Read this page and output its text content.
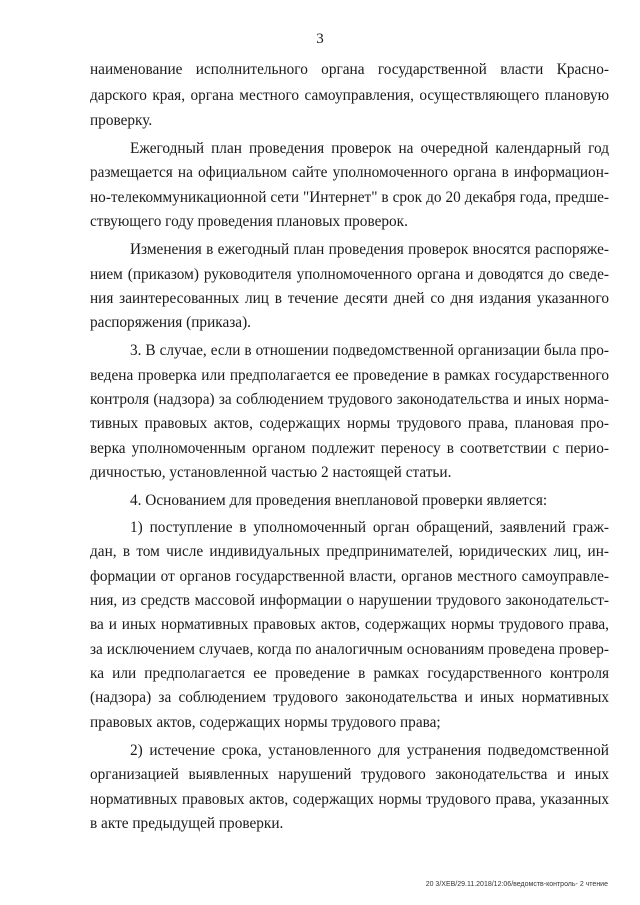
3
наименование исполнительного органа государственной власти Красно-
дарского края, органа местного самоуправления, осуществляющего плановую
проверку.
Ежегодный план проведения проверок на очередной календарный год
размещается на официальном сайте уполномоченного органа в информацион-
но-телекоммуникационной сети "Интернет" в срок до 20 декабря года, предше-
ствующего году проведения плановых проверок.
Изменения в ежегодный план проведения проверок вносятся распоряже-
нием (приказом) руководителя уполномоченного органа и доводятся до сведе-
ния заинтересованных лиц в течение десяти дней со дня издания указанного
распоряжения (приказа).
3. В случае, если в отношении подведомственной организации была про-
ведена проверка или предполагается ее проведение в рамках государственного
контроля (надзора) за соблюдением трудового законодательства и иных норма-
тивных правовых актов, содержащих нормы трудового права, плановая про-
верка уполномоченным органом подлежит переносу в соответствии с перио-
дичностью, установленной частью 2 настоящей статьи.
4. Основанием для проведения внеплановой проверки является:
1) поступление в уполномоченный орган обращений, заявлений граж-
дан, в том числе индивидуальных предпринимателей, юридических лиц, ин-
формации от органов государственной власти, органов местного самоуправле-
ния, из средств массовой информации о нарушении трудового законодательст-
ва и иных нормативных правовых актов, содержащих нормы трудового права,
за исключением случаев, когда по аналогичным основаниям проведена провер-
ка или предполагается ее проведение в рамках государственного контроля
(надзора) за соблюдением трудового законодательства и иных нормативных
правовых актов, содержащих нормы трудового права;
2) истечение срока, установленного для устранения подведомственной
организацией выявленных нарушений трудового законодательства и иных
нормативных правовых актов, содержащих нормы трудового права, указанных
в акте предыдущей проверки.
20 3/XEB/29.11.2018/12:06/ведомств-контроль- 2 чтение
